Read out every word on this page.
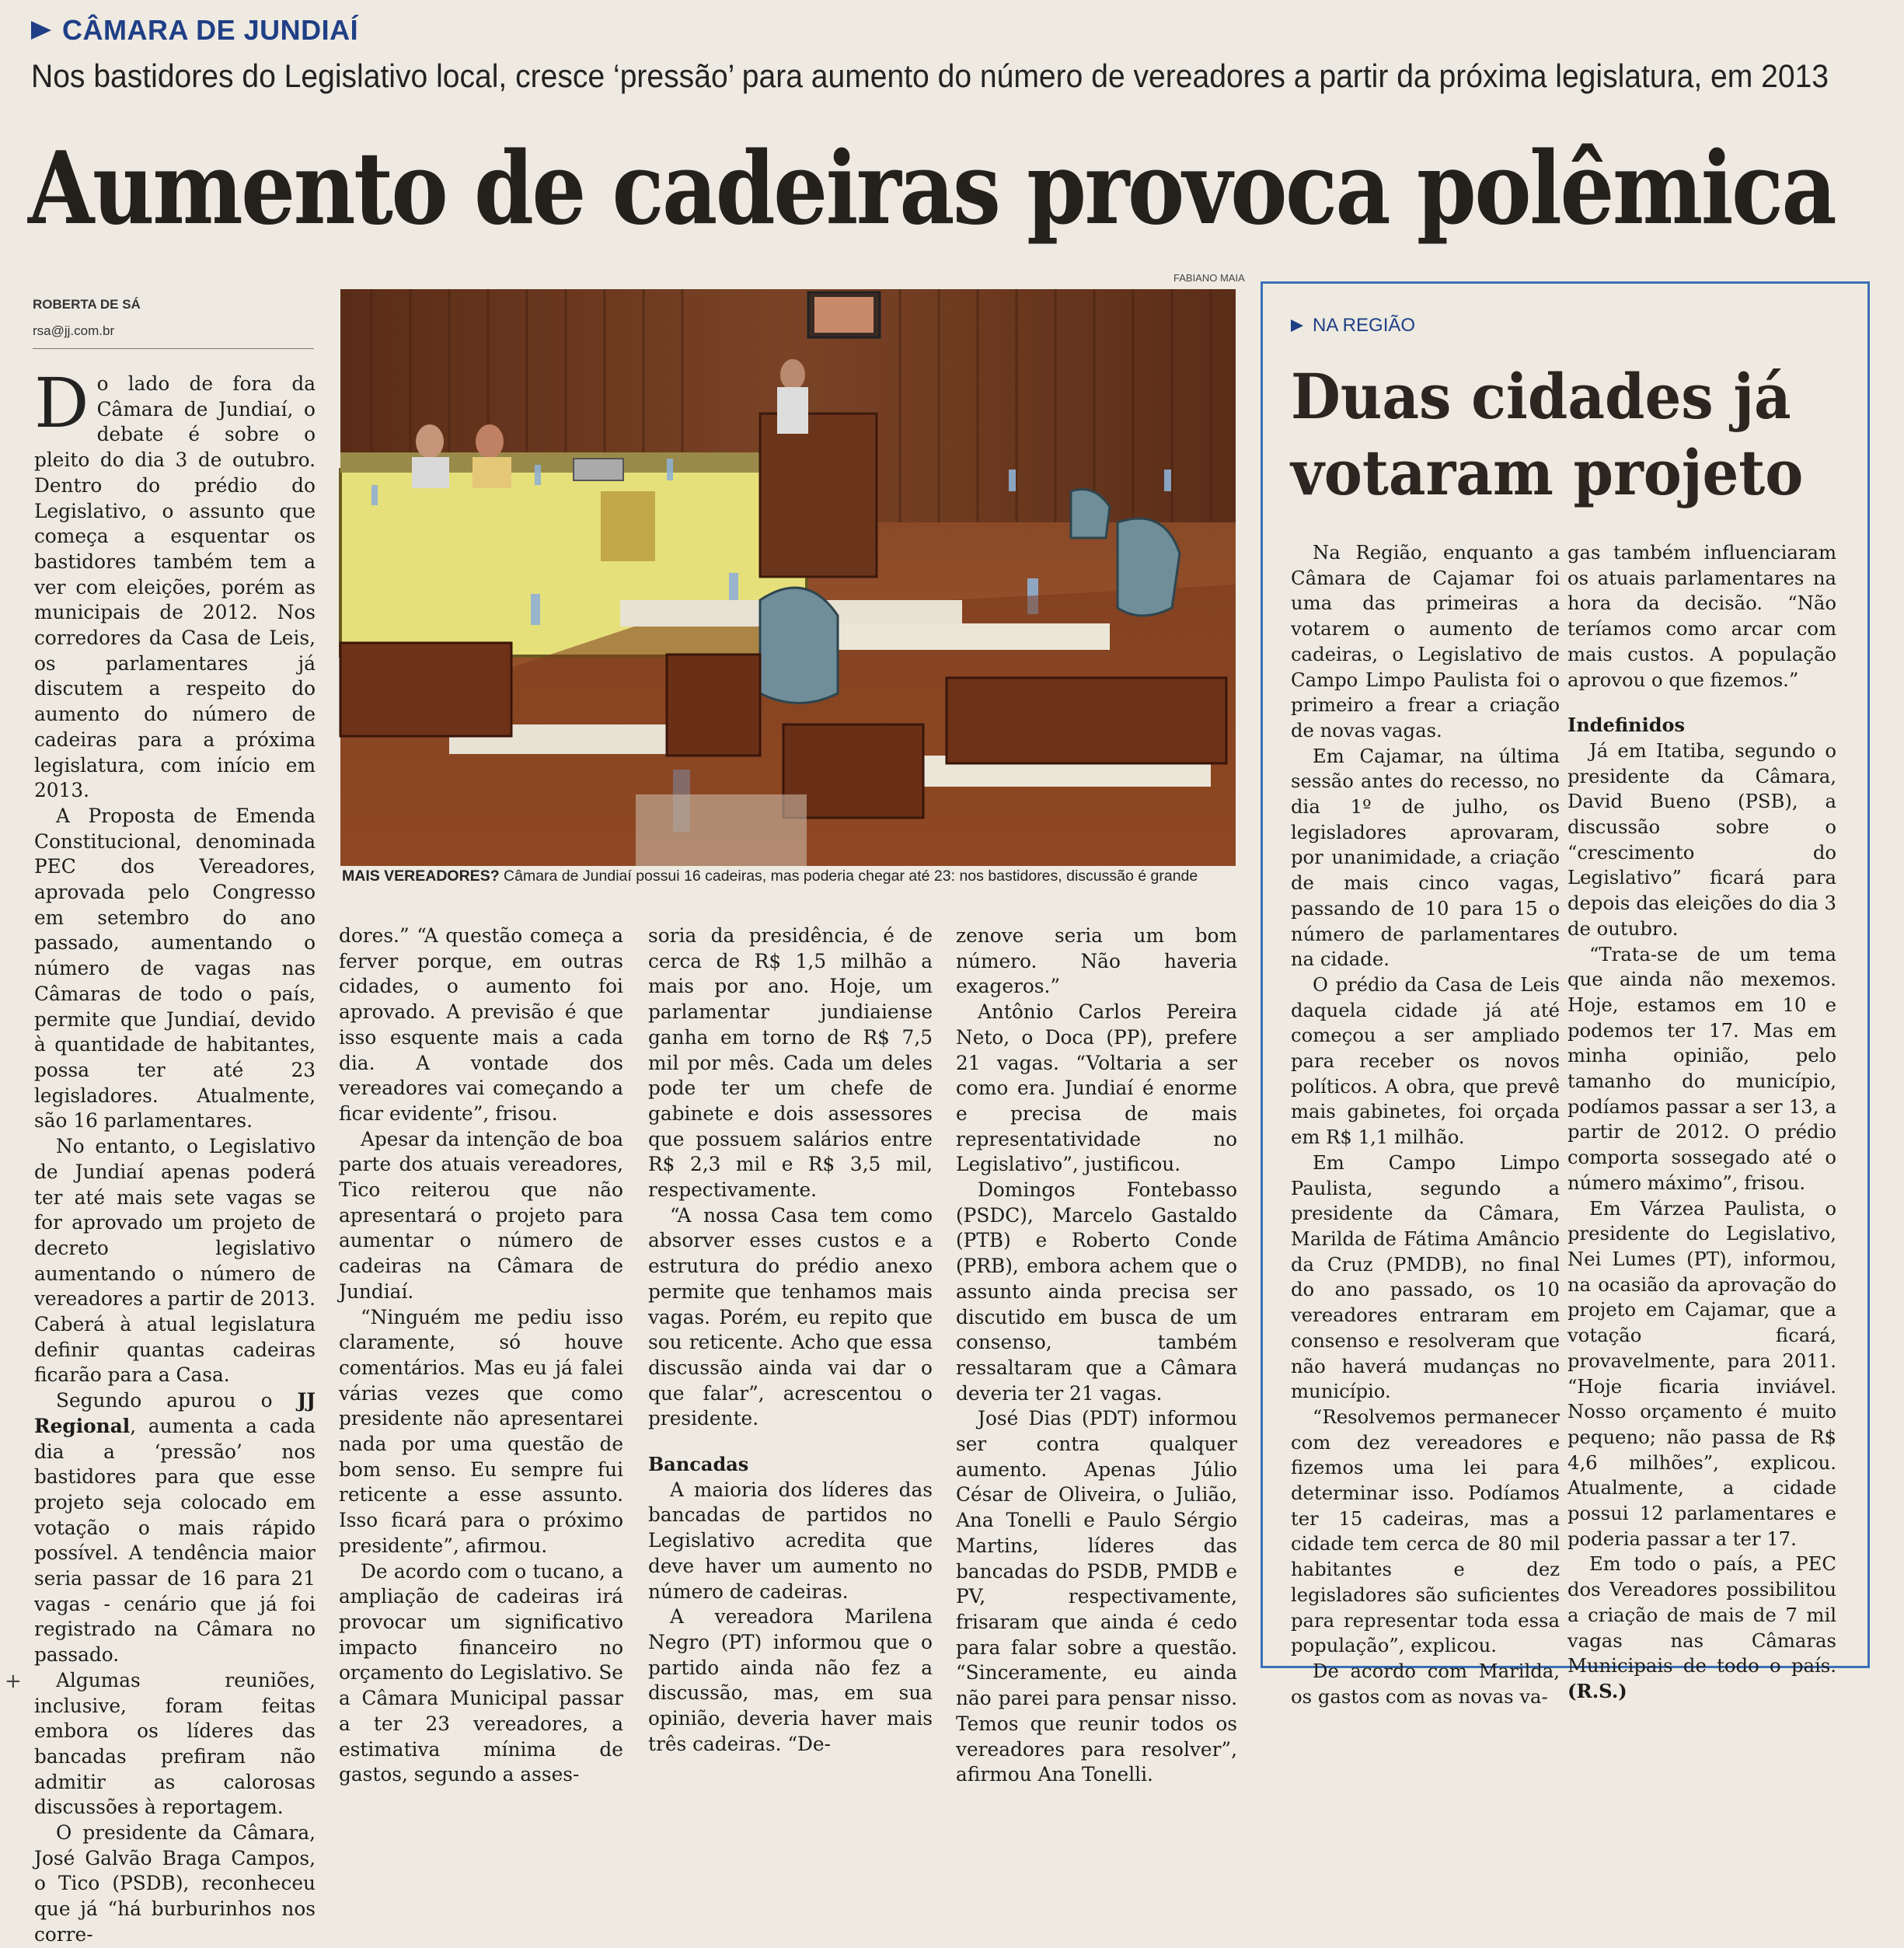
CÂMARA DE JUNDIAÍ
Nos bastidores do Legislativo local, cresce ‘pressão’ para aumento do número de vereadores a partir da próxima legislatura, em 2013
Aumento de cadeiras provoca polêmica
ROBERTA DE SÁ
rsa@jj.com.br
FABIANO MAIA
MAIS VEREADORES? Câmara de Jundiaí possui 16 cadeiras, mas poderia chegar até 23: nos bastidores, discussão é grande

Do lado de fora da Câmara de Jundiaí, o debate é sobre o pleito do dia 3 de outubro. Dentro do prédio do Legislativo, o assunto que começa a esquentar os bastidores também tem a ver com eleições, porém as municipais de 2012. Nos corredores da Casa de Leis, os parlamentares já discutem a respeito do aumento do número de cadeiras para a próxima legislatura, com início em 2013.

A Proposta de Emenda Constitucional, denominada PEC dos Vereadores, aprovada pelo Congresso em setembro do ano passado, aumentando o número de vagas nas Câmaras de todo o país, permite que Jundiaí, devido à quantidade de habitantes, possa ter até 23 legisladores. Atualmente, são 16 parlamentares.

No entanto, o Legislativo de Jundiaí apenas poderá ter até mais sete vagas se for aprovado um projeto de decreto legislativo aumentando o número de vereadores a partir de 2013. Caberá à atual legislatura definir quantas cadeiras ficarão para a Casa.

Segundo apurou o JJ Regional, aumenta a cada dia a ‘pressão’ nos bastidores para que esse projeto seja colocado em votação o mais rápido possível. A tendência maior seria passar de 16 para 21 vagas - cenário que já foi registrado na Câmara no passado.

Algumas reuniões, inclusive, foram feitas embora os líderes das bancadas prefiram não admitir as calorosas discussões à reportagem.

O presidente da Câmara, José Galvão Braga Campos, o Tico (PSDB), reconheceu que já “há burburinhos nos corre-

dores.” “A questão começa a ferver porque, em outras cidades, o aumento foi aprovado. A previsão é que isso esquente mais a cada dia. A vontade dos vereadores vai começando a ficar evidente”, frisou.

Apesar da intenção de boa parte dos atuais vereadores, Tico reiterou que não apresentará o projeto para aumentar o número de cadeiras na Câmara de Jundiaí.

“Ninguém me pediu isso claramente, só houve comentários. Mas eu já falei várias vezes que como presidente não apresentarei nada por uma questão de bom senso. Eu sempre fui reticente a esse assunto. Isso ficará para o próximo presidente”, afirmou.

De acordo com o tucano, a ampliação de cadeiras irá provocar um significativo impacto financeiro no orçamento do Legislativo. Se a Câmara Municipal passar a ter 23 vereadores, a estimativa mínima de gastos, segundo a asses-

soria da presidência, é de cerca de R$ 1,5 milhão a mais por ano. Hoje, um parlamentar jundiaiense ganha em torno de R$ 7,5 mil por mês. Cada um deles pode ter um chefe de gabinete e dois assessores que possuem salários entre R$ 2,3 mil e R$ 3,5 mil, respectivamente.

“A nossa Casa tem como absorver esses custos e a estrutura do prédio anexo permite que tenhamos mais vagas. Porém, eu repito que sou reticente. Acho que essa discussão ainda vai dar o que falar”, acrescentou o presidente.

Bancadas

A maioria dos líderes das bancadas de partidos no Legislativo acredita que deve haver um aumento no número de cadeiras.

A vereadora Marilena Negro (PT) informou que o partido ainda não fez a discussão, mas, em sua opinião, deveria haver mais três cadeiras. “De-

zenove seria um bom número. Não haveria exageros.”

Antônio Carlos Pereira Neto, o Doca (PP), prefere 21 vagas. “Voltaria a ser como era. Jundiaí é enorme e precisa de mais representatividade no Legislativo”, justificou.

Domingos Fontebasso (PSDC), Marcelo Gastaldo (PTB) e Roberto Conde (PRB), embora achem que o assunto ainda precisa ser discutido em busca de um consenso, também ressaltaram que a Câmara deveria ter 21 vagas.

José Dias (PDT) informou ser contra qualquer aumento. Apenas Júlio César de Oliveira, o Julião, Ana Tonelli e Paulo Sérgio Martins, líderes das bancadas do PSDB, PMDB e PV, respectivamente, frisaram que ainda é cedo para falar sobre a questão. “Sinceramente, eu ainda não parei para pensar nisso. Temos que reunir todos os vereadores para resolver”, afirmou Ana Tonelli.

NA REGIÃO
Duas cidades já votaram projeto

Na Região, enquanto a Câmara de Cajamar foi uma das primeiras a votarem o aumento de cadeiras, o Legislativo de Campo Limpo Paulista foi o primeiro a frear a criação de novas vagas.

Em Cajamar, na última sessão antes do recesso, no dia 1º de julho, os legisladores aprovaram, por unanimidade, a criação de mais cinco vagas, passando de 10 para 15 o número de parlamentares na cidade.

O prédio da Casa de Leis daquela cidade já até começou a ser ampliado para receber os novos políticos. A obra, que prevê mais gabinetes, foi orçada em R$ 1,1 milhão.

Em Campo Limpo Paulista, segundo a presidente da Câmara, Marilda de Fátima Amâncio da Cruz (PMDB), no final do ano passado, os 10 vereadores entraram em consenso e resolveram que não haverá mudanças no município.

“Resolvemos permanecer com dez vereadores e fizemos uma lei para determinar isso. Podíamos ter 15 cadeiras, mas a cidade tem cerca de 80 mil habitantes e dez legisladores são suficientes para representar toda essa população”, explicou.

De acordo com Marilda, os gastos com as novas va-

gas também influenciaram os atuais parlamentares na hora da decisão. “Não teríamos como arcar com mais custos. A população aprovou o que fizemos.”

Indefinidos

Já em Itatiba, segundo o presidente da Câmara, David Bueno (PSB), a discussão sobre o “crescimento do Legislativo” ficará para depois das eleições do dia 3 de outubro.

“Trata-se de um tema que ainda não mexemos. Hoje, estamos em 10 e podemos ter 17. Mas em minha opinião, pelo tamanho do município, podíamos passar a ser 13, a partir de 2012. O prédio comporta sossegado até o número máximo”, frisou.

Em Várzea Paulista, o presidente do Legislativo, Nei Lumes (PT), informou, na ocasião da aprovação do projeto em Cajamar, que a votação ficará, provavelmente, para 2011. “Hoje ficaria inviável. Nosso orçamento é muito pequeno; não passa de R$ 4,6 milhões”, explicou. Atualmente, a cidade possui 12 parlamentares e poderia passar a ter 17.

Em todo o país, a PEC dos Vereadores possibilitou a criação de mais de 7 mil vagas nas Câmaras Municipais de todo o país. (R.S.)

+
